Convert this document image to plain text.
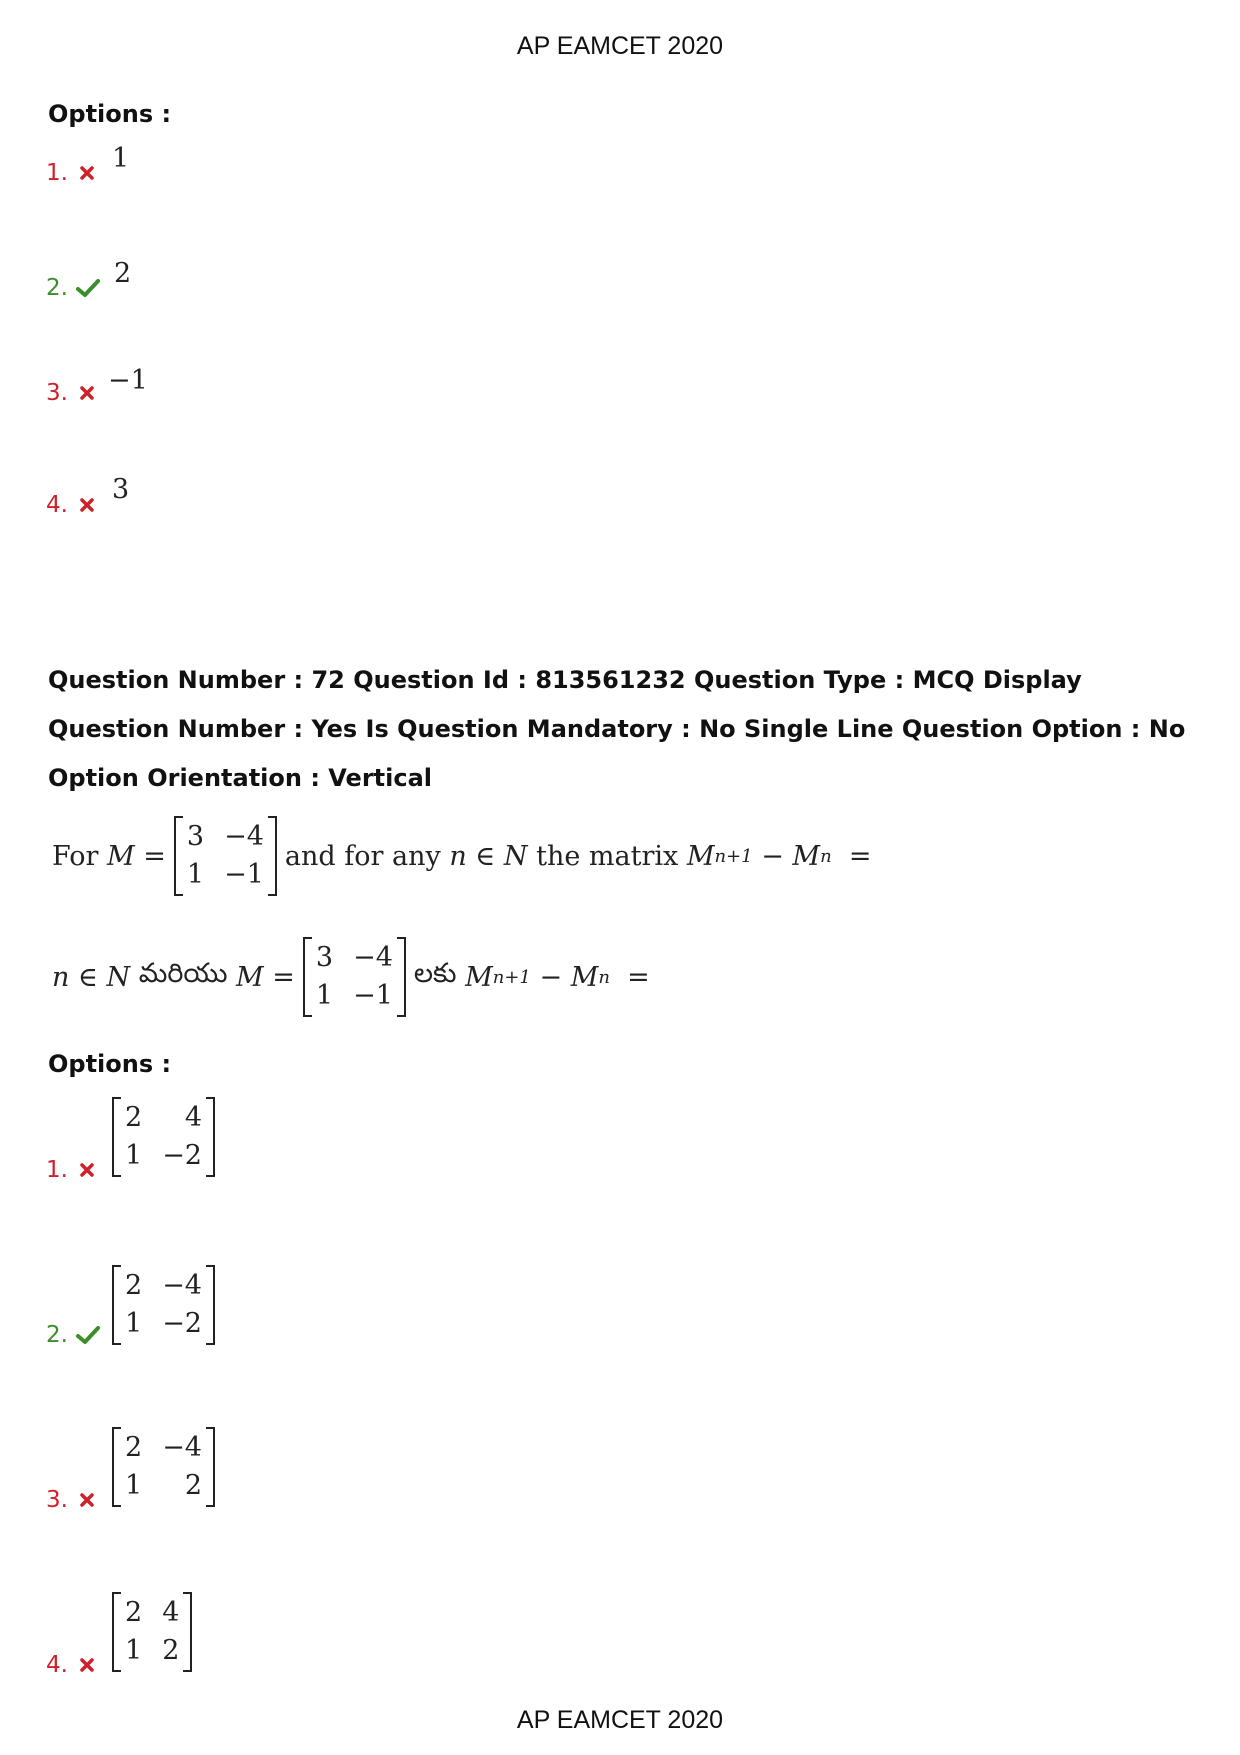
AP EAMCET 2020
Options :
1. 1
2. 2
3. −1
4. 3
Question Number : 72 Question Id : 813561232 Question Type : MCQ Display Question Number : Yes Is Question Mandatory : No Single Line Question Option : No Option Orientation : Vertical
For
M
=
3 −4
1 −1
and for any
n ∈ N
the matrix
M n+1
−
M n
=
n ∈ N
మరియు
M
=
3 −4
1 −1
లకు
M n+1
−
M n
=
Options :
1.
2	4
1 −2
2.
2 −4
1 −2
3.
2 −4
1	2
4.
2 4
1 2
AP EAMCET 2020
